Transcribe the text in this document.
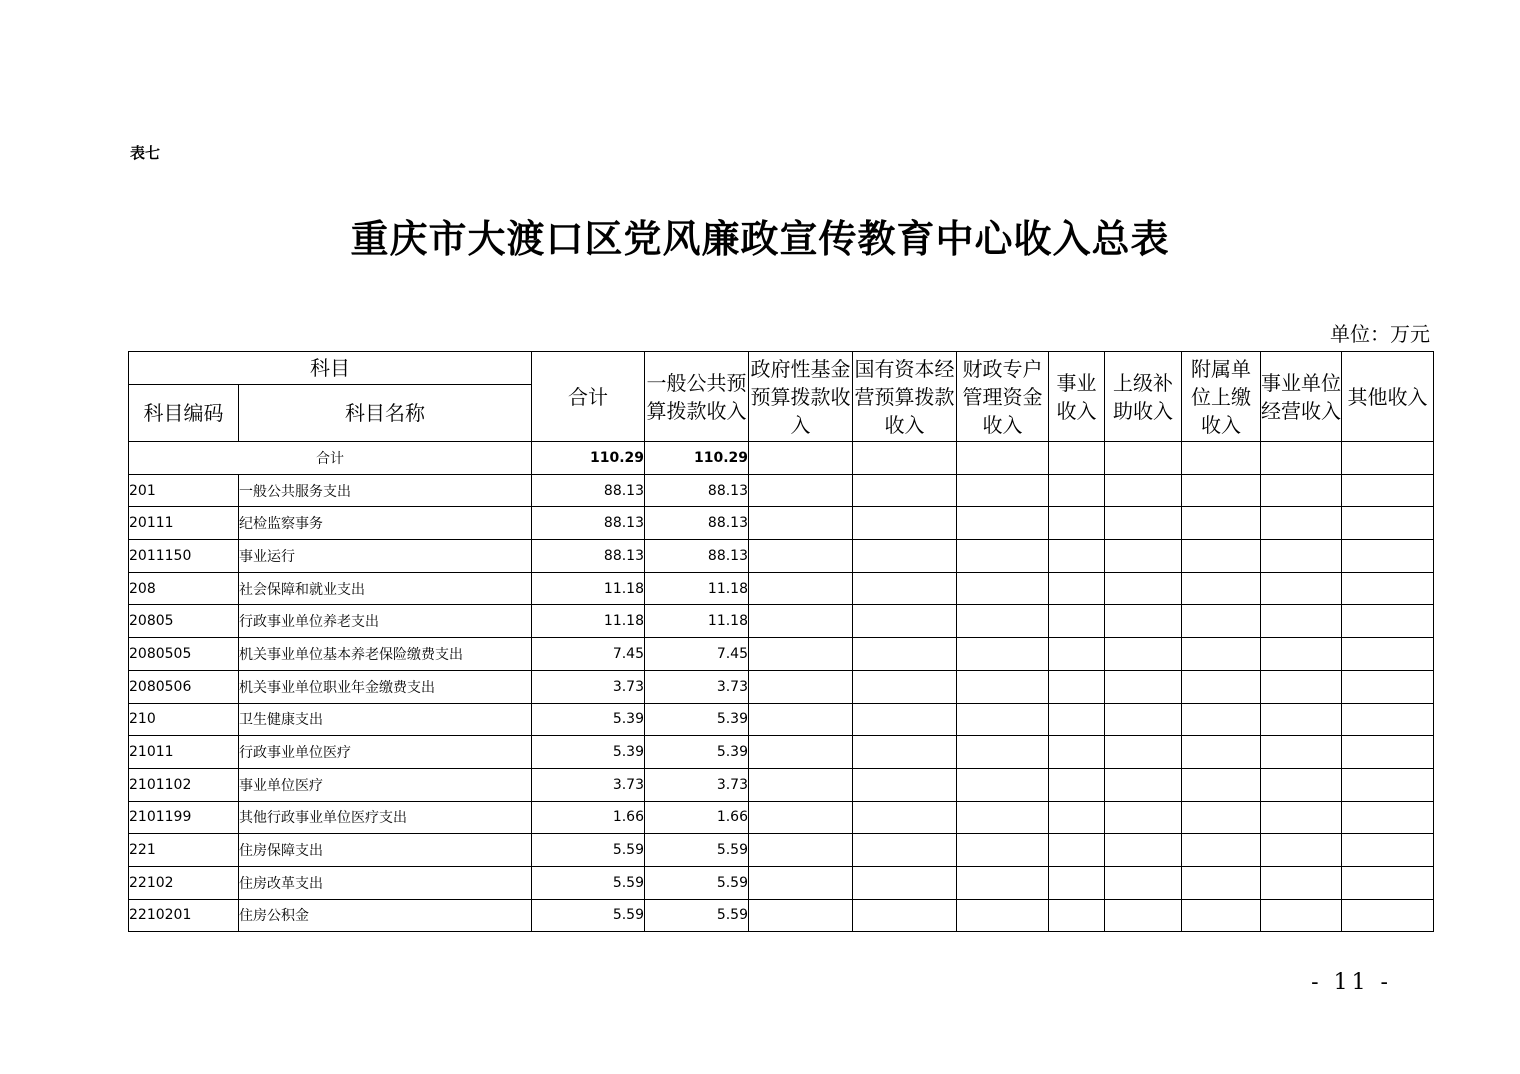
表七
重庆市大渡口区党风廉政宣传教育中心收入总表
单位：万元
科目		合计	一般公共预算拨款收入	政府性基金预算拨款收入	国有资本经营预算拨款收入	财政专户管理资金收入	事业收入	上级补助收入	附属单位上缴收入	事业单位经营收入	其他收入
科目编码	科目名称										
合计		110.29	110.29								
201	一般公共服务支出	88.13	88.13								
20111	纪检监察事务	88.13	88.13								
2011150	事业运行	88.13	88.13								
208	社会保障和就业支出	11.18	11.18								
20805	行政事业单位养老支出	11.18	11.18								
2080505	机关事业单位基本养老保险缴费支出	7.45	7.45								
2080506	机关事业单位职业年金缴费支出	3.73	3.73								
210	卫生健康支出	5.39	5.39								
21011	行政事业单位医疗	5.39	5.39								
2101102	事业单位医疗	3.73	3.73								
2101199	其他行政事业单位医疗支出	1.66	1.66								
221	住房保障支出	5.59	5.59								
22102	住房改革支出	5.59	5.59								
2210201	住房公积金	5.59	5.59								
- 11 -
